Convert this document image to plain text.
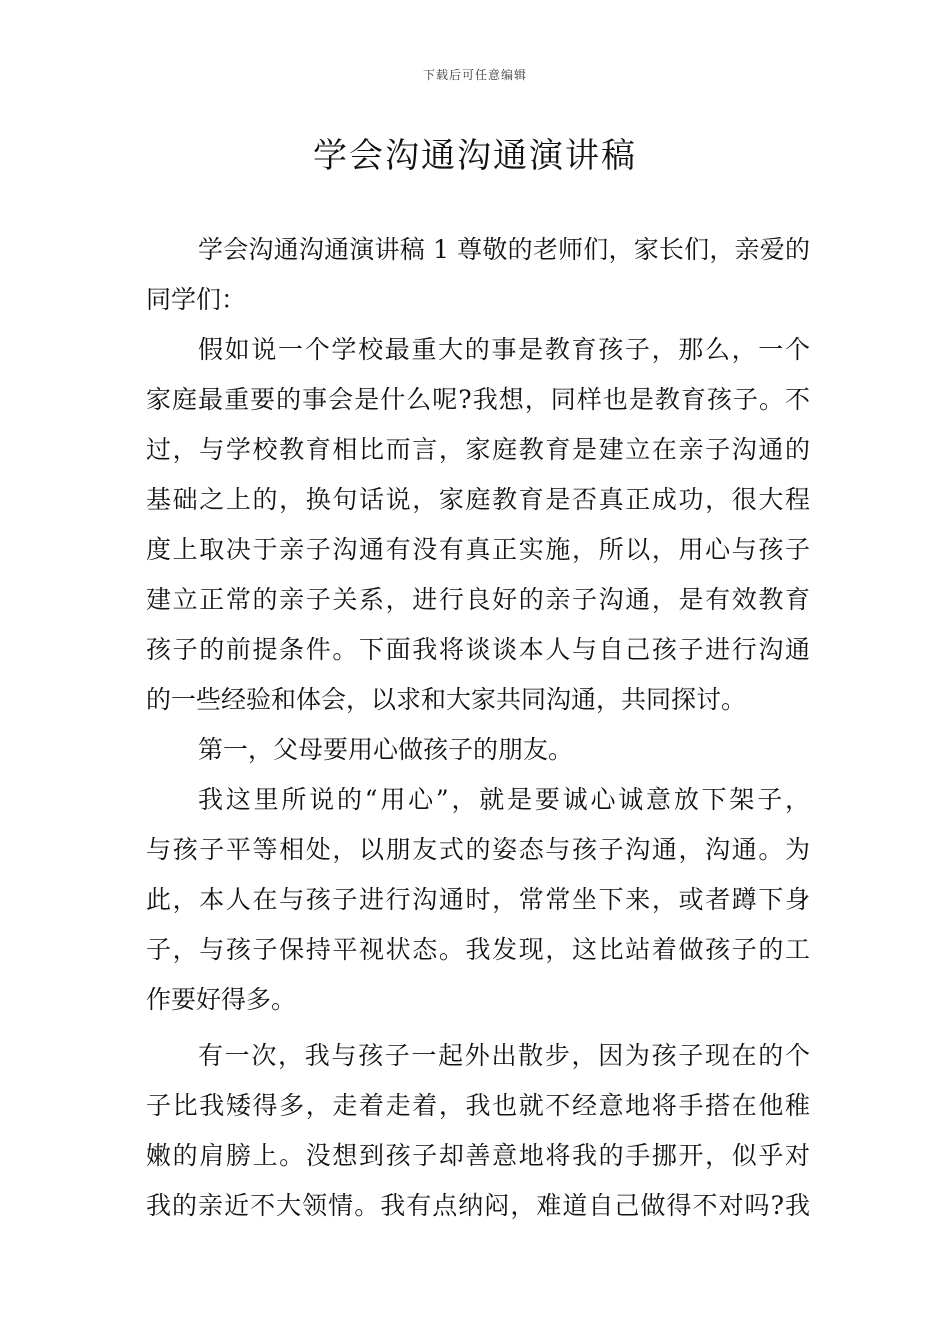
下载后可任意编辑
学会沟通沟通演讲稿
学会沟通沟通演讲稿 1 尊敬的老师们，家长们，亲爱的
同学们：
假如说一个学校最重大的事是教育孩子，那么，一个
家庭最重要的事会是什么呢?我想，同样也是教育孩子。不
过，与学校教育相比而言，家庭教育是建立在亲子沟通的
基础之上的，换句话说，家庭教育是否真正成功，很大程
度上取决于亲子沟通有没有真正实施，所以，用心与孩子
建立正常的亲子关系，进行良好的亲子沟通，是有效教育
孩子的前提条件。下面我将谈谈本人与自己孩子进行沟通
的一些经验和体会，以求和大家共同沟通，共同探讨。
第一，父母要用心做孩子的朋友。
我这里所说的“用心”，就是要诚心诚意放下架子，
与孩子平等相处，以朋友式的姿态与孩子沟通，沟通。为
此，本人在与孩子进行沟通时，常常坐下来，或者蹲下身
子，与孩子保持平视状态。我发现，这比站着做孩子的工
作要好得多。
有一次，我与孩子一起外出散步，因为孩子现在的个
子比我矮得多，走着走着，我也就不经意地将手搭在他稚
嫩的肩膀上。没想到孩子却善意地将我的手挪开，似乎对
我的亲近不大领情。我有点纳闷，难道自己做得不对吗?我
